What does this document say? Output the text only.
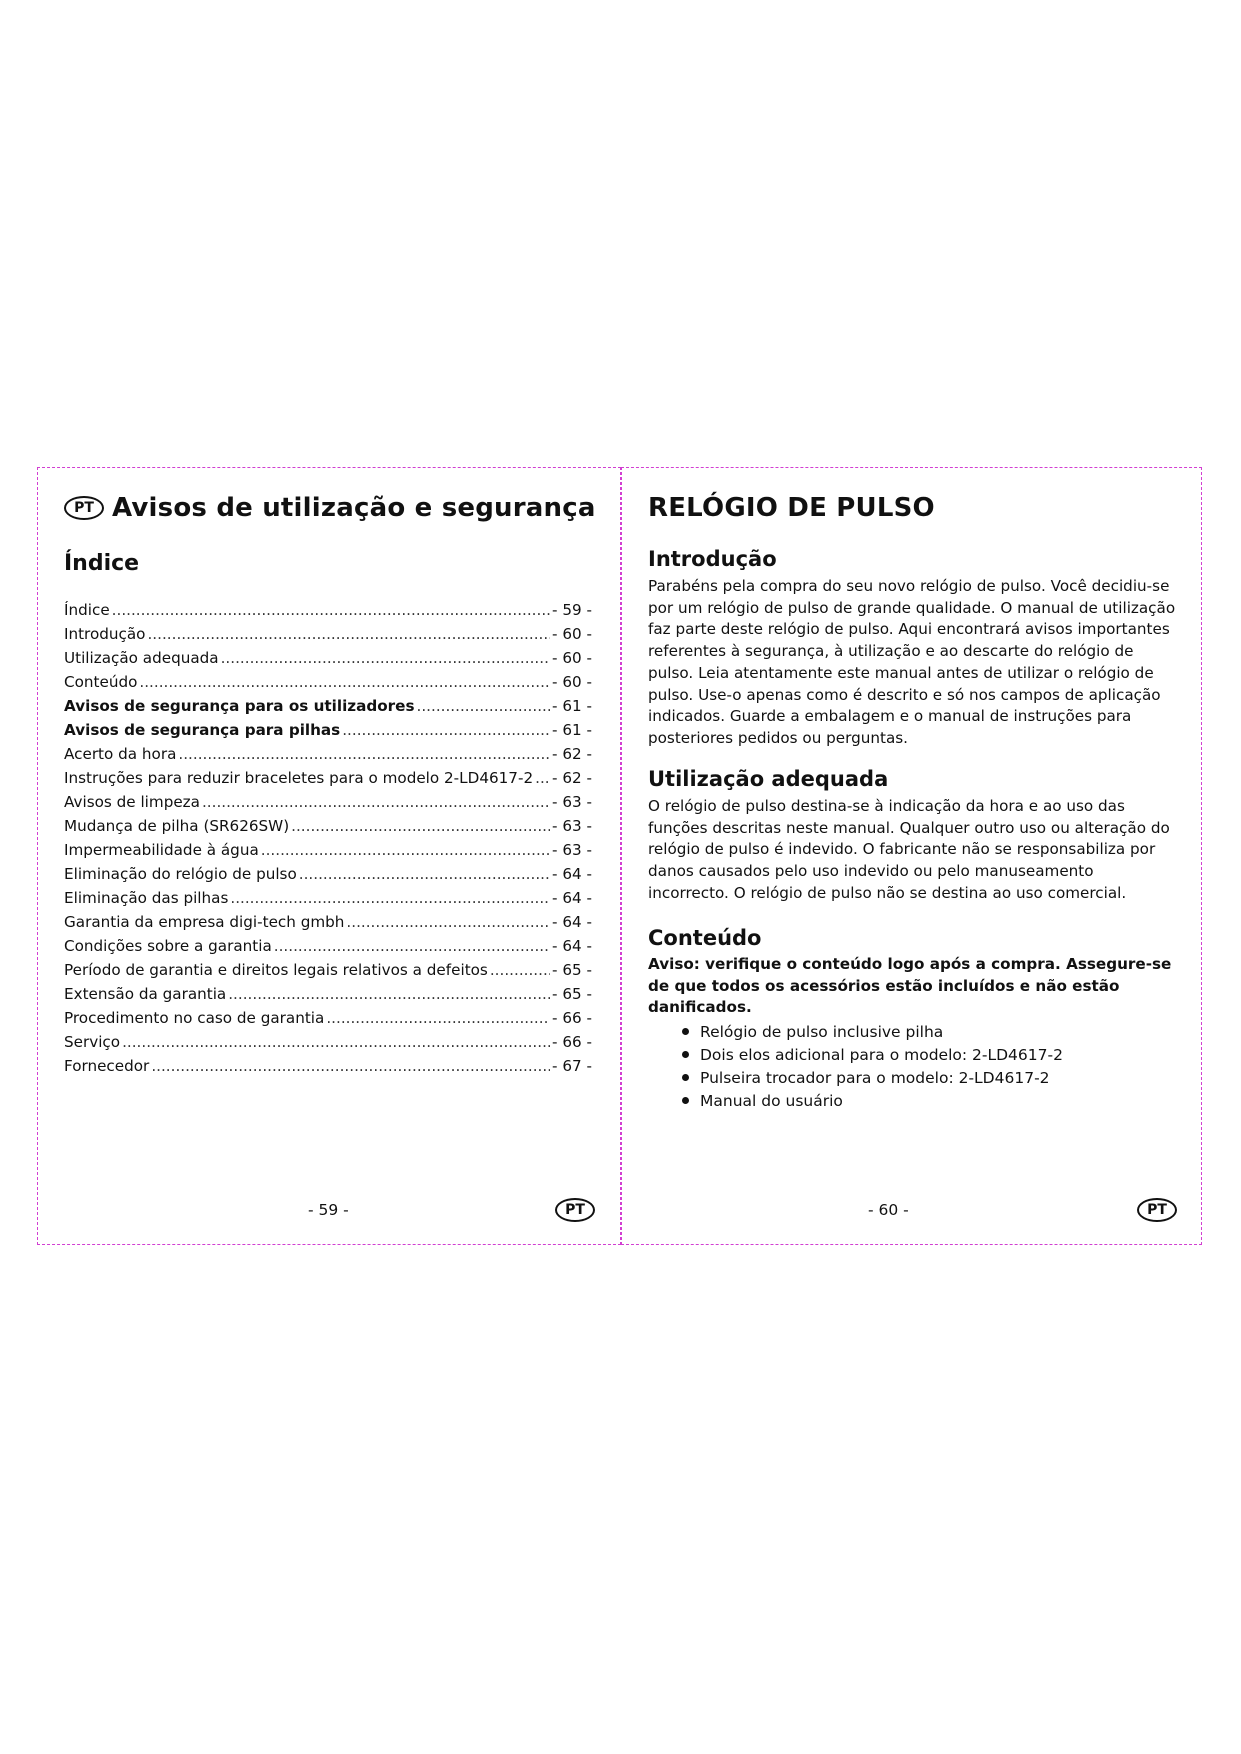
PT Avisos de utilização e segurança
Índice
Índice .....	- 59 -
Introdução .....	- 60 -
Utilização adequada .....	- 60 -
Conteúdo .....	- 60 -
Avisos de segurança para os utilizadores .....	- 61 -
Avisos de segurança para pilhas .....	- 61 -
Acerto da hora .....	- 62 -
Instruções para reduzir braceletes para o modelo 2-LD4617-2 ..... - 62 -
Avisos de limpeza .....	- 63 -
Mudança de pilha (SR626SW) .....	- 63 -
Impermeabilidade à água .....	- 63 -
Eliminação do relógio de pulso .....	- 64 -
Eliminação das pilhas .....	- 64 -
Garantia da empresa digi-tech gmbh .....	- 64 -
Condições sobre a garantia .....	- 64 -
Período de garantia e direitos legais relativos a defeitos .....	- 65 -
Extensão da garantia .....	- 65 -
Procedimento no caso de garantia .....	- 66 -
Serviço .....	- 66 -
Fornecedor .....	- 67 -
- 59 -	PT
RELÓGIO DE PULSO
Introdução
Parabéns pela compra do seu novo relógio de pulso. Você decidiu-se por um relógio de pulso de grande qualidade. O manual de utilização faz parte deste relógio de pulso. Aqui encontrará avisos importantes referentes à segurança, à utilização e ao descarte do relógio de pulso. Leia atentamente este manual antes de utilizar o relógio de pulso. Use-o apenas como é descrito e só nos campos de aplicação indicados. Guarde a embalagem e o manual de instruções para posteriores pedidos ou perguntas.
Utilização adequada
O relógio de pulso destina-se à indicação da hora e ao uso das funções descritas neste manual. Qualquer outro uso ou alteração do relógio de pulso é indevido. O fabricante não se responsabiliza por danos causados pelo uso indevido ou pelo manuseamento incorrecto. O relógio de pulso não se destina ao uso comercial.
Conteúdo
Aviso: verifique o conteúdo logo após a compra. Assegure-se de que todos os acessórios estão incluídos e não estão danificados.
Relógio de pulso inclusive pilha
Dois elos adicional para o modelo: 2-LD4617-2
Pulseira trocador para o modelo: 2-LD4617-2
Manual do usuário
- 60 -	PT
